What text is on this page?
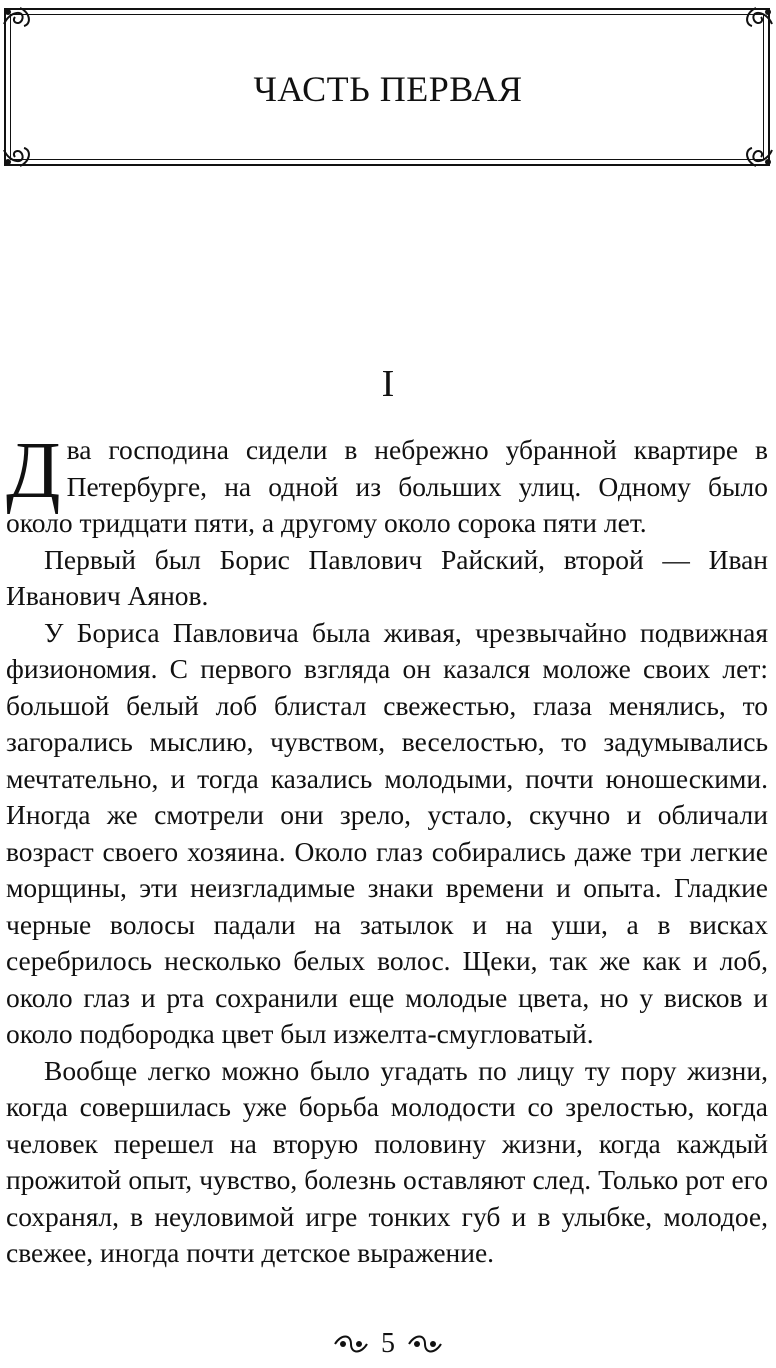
ЧАСТЬ ПЕРВАЯ
I

Два господина сидели в небрежно убранной квартире в Петербурге, на одной из больших улиц. Одному было около тридцати пяти, а другому около сорока пяти лет.

Первый был Борис Павлович Райский, второй — Иван Иванович Аянов.

У Бориса Павловича была живая, чрезвычайно подвижная физиономия. С первого взгляда он казался моложе своих лет: большой белый лоб блистал свежестью, глаза менялись, то загорались мыслию, чувством, веселостью, то задумывались мечтательно, и тогда казались молодыми, почти юношескими. Иногда же смотрели они зрело, устало, скучно и обличали возраст своего хозяина. Около глаз собирались даже три легкие морщины, эти неизгладимые знаки времени и опыта. Гладкие черные волосы падали на затылок и на уши, а в висках серебрилось несколько белых волос. Щеки, так же как и лоб, около глаз и рта сохранили еще молодые цвета, но у висков и около подбородка цвет был изжелта-смугловатый.

Вообще легко можно было угадать по лицу ту пору жизни, когда совершилась уже борьба молодости со зрелостью, когда человек перешел на вторую половину жизни, когда каждый прожитой опыт, чувство, болезнь оставляют след. Только рот его сохранял, в неуловимой игре тонких губ и в улыбке, молодое, свежее, иногда почти детское выражение.

5
